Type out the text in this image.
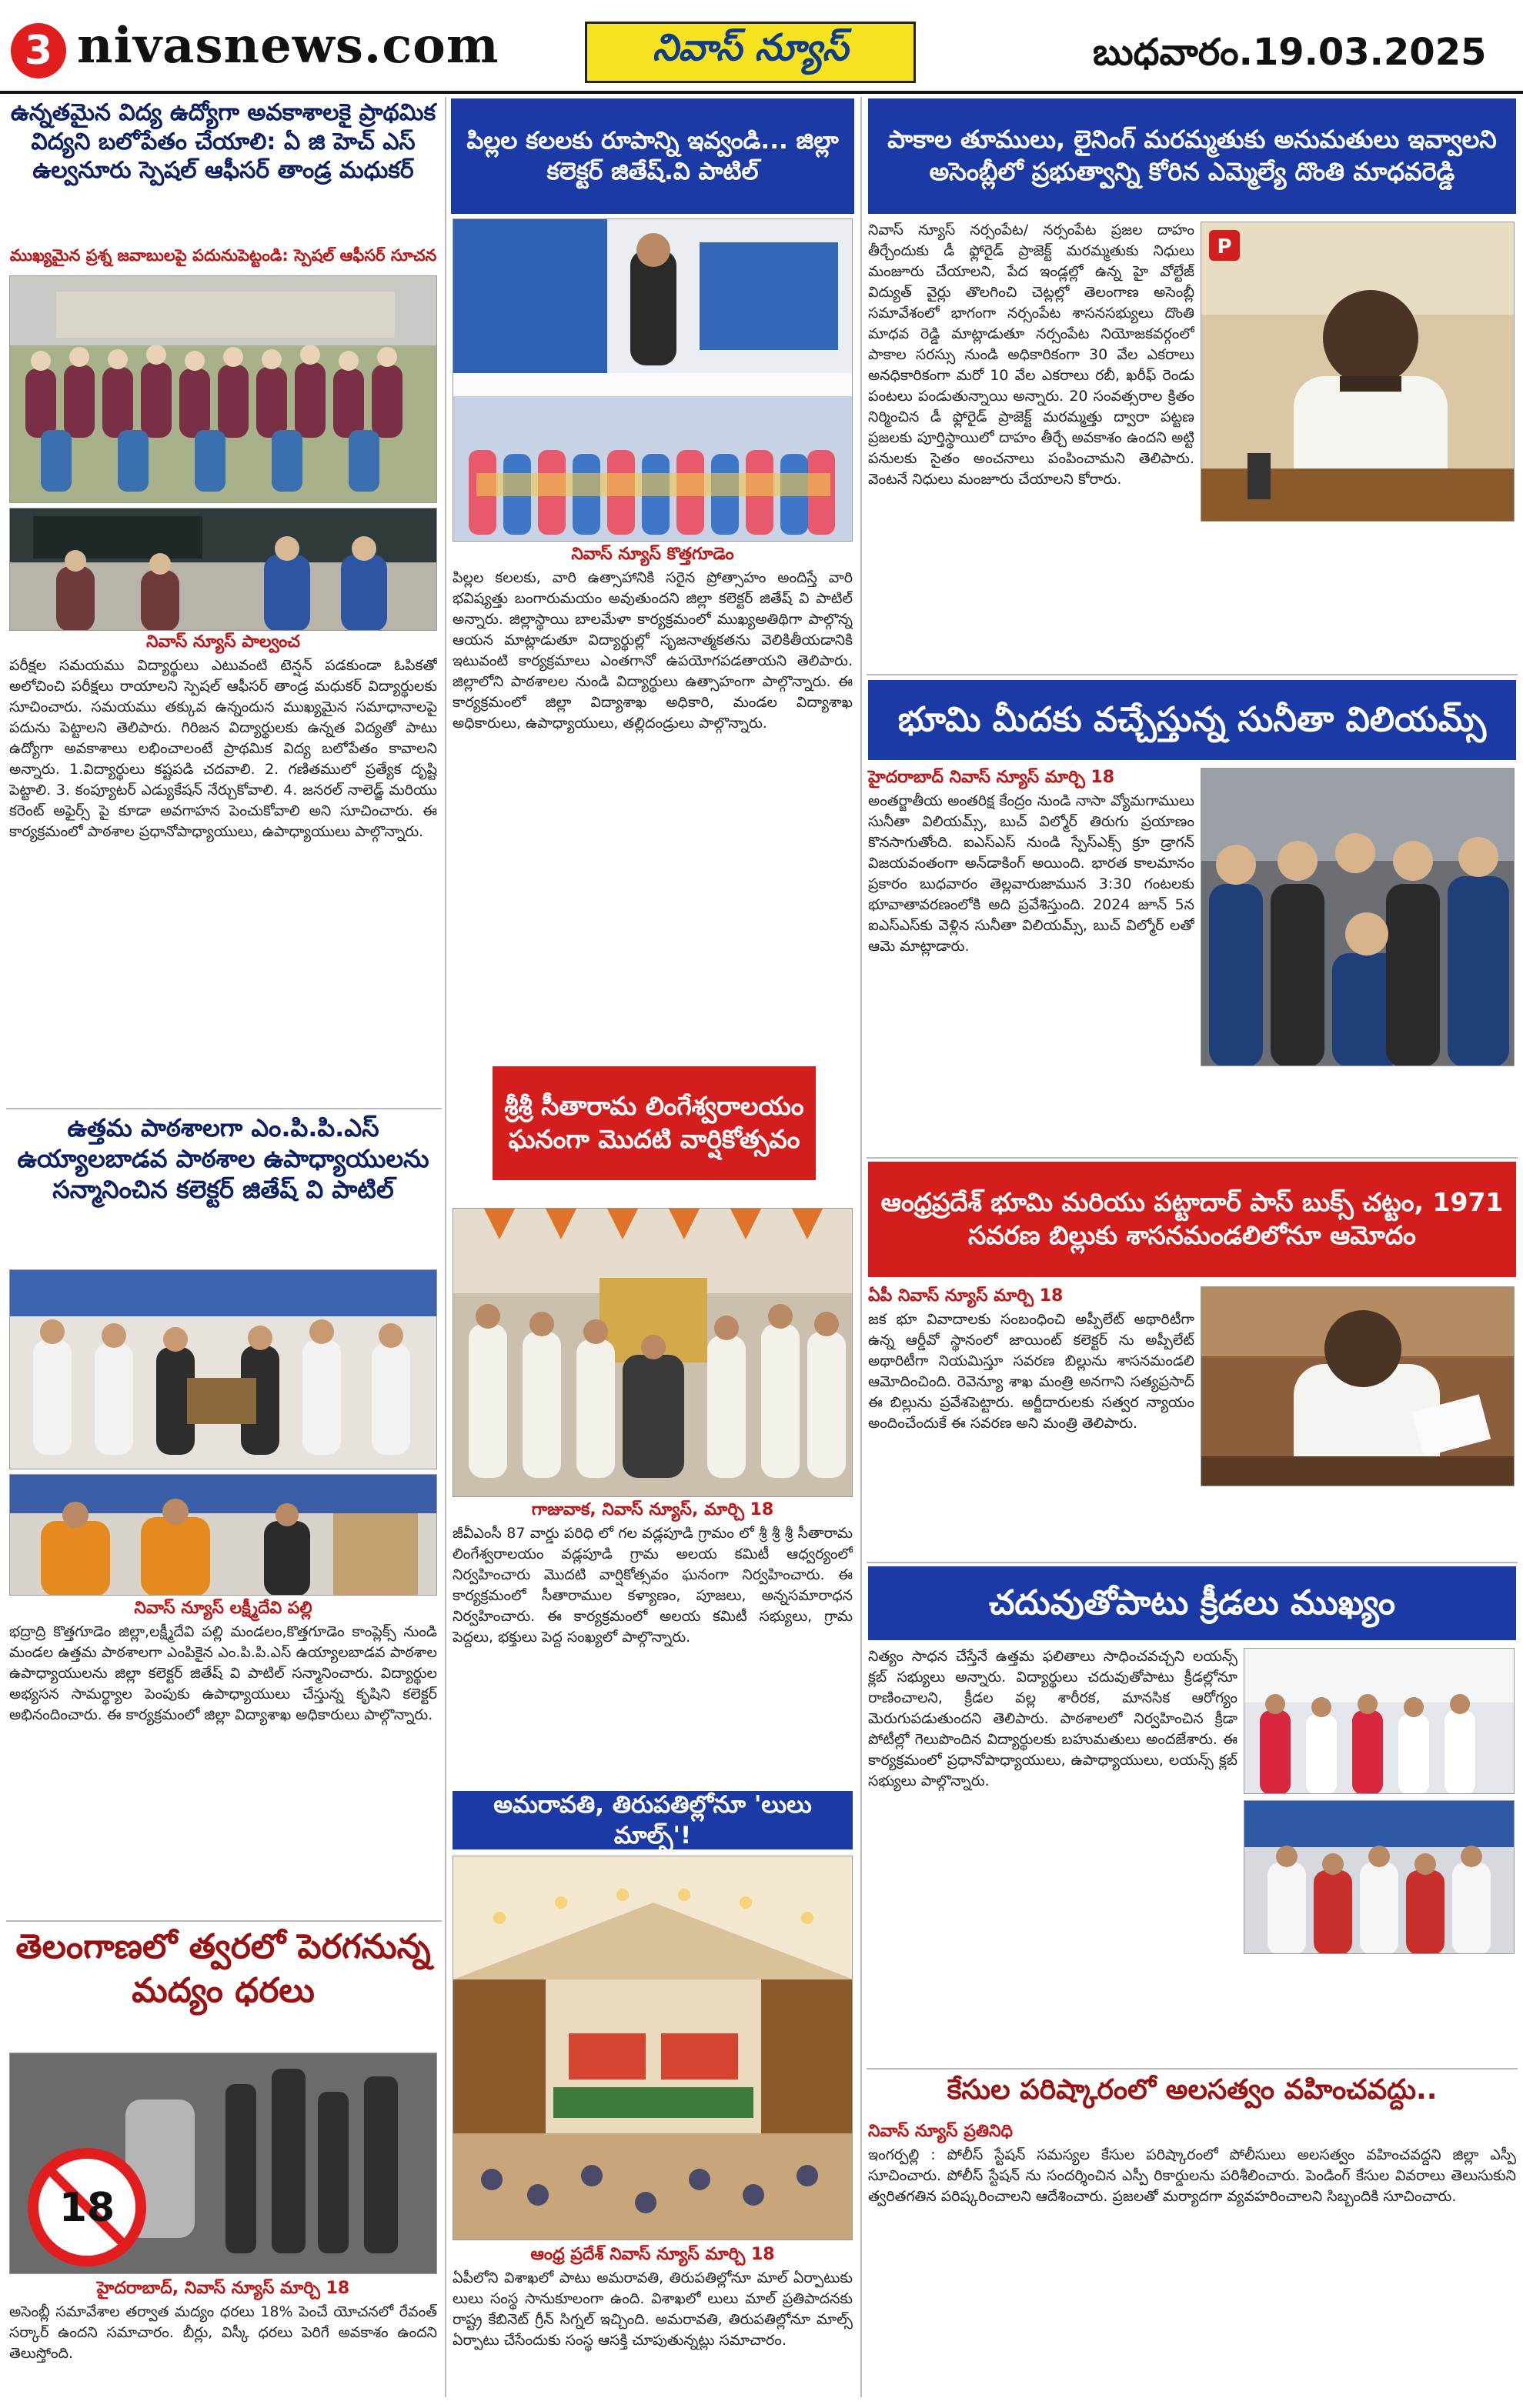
3 nivasnews.com	నివాస్ న్యూస్	బుధవారం.19.03.2025
ఉన్నతమైన విద్య ఉద్యోగా అవకాశాలకై ప్రాథమిక విద్యని బలోపేతం చేయాలి: ఏ జి హెచ్ ఎస్ ఉల్వనూరు స్పెషల్ ఆఫీసర్ తాండ్ర మధుకర్
ముఖ్యమైన ప్రశ్న జవాబులపై పదునుపెట్టండి: స్పెషల్ ఆఫీసర్ సూచన
నివాస్ న్యూస్ పాల్వంచ
పరీక్షల సమయము విద్యార్థులు ఎటువంటి టెన్షన్ పడకుండా ఓపికతో అలోచించి పరీక్షలు రాయాలని స్పెషల్ ఆఫీసర్ తాండ్ర మధుకర్ విద్యార్థులకు సూచించారు. సమయము తక్కువ ఉన్నందున ముఖ్యమైన సమాధానాలపై పదును పెట్టాలని తెలిపారు. గిరిజన విద్యార్థులకు ఉన్నత విద్యతో పాటు ఉద్యోగా అవకాశాలు లభించాలంటే ప్రాథమిక విద్య బలోపేతం కావాలని అన్నారు. 1.విద్యార్థులు కష్టపడి చదవాలి. 2. గణితములో ప్రత్యేక దృష్టి పెట్టాలి. 3. కంప్యూటర్ ఎడ్యుకేషన్ నేర్చుకోవాలి. 4. జనరల్ నాలెడ్జ్ మరియు కరెంట్ అఫైర్స్ పై కూడా అవగాహన పెంచుకోవాలి అని సూచించారు. ఈ కార్యక్రమంలో పాఠశాల ప్రధానోపాధ్యాయులు, ఉపాధ్యాయులు పాల్గొన్నారు.
ఉత్తమ పాఠశాలగా ఎం.పి.పి.ఎస్ ఉయ్యాలబాడవ పాఠశాల ఉపాధ్యాయులను సన్మానించిన కలెక్టర్ జితేష్ వి పాటిల్
నివాస్ న్యూస్ లక్ష్మీదేవి పల్లి
భద్రాద్రి కొత్తగూడెం జిల్లా,లక్ష్మీదేవి పల్లి మండలం,కొత్తగూడెం కాంప్లెక్స్ నుండి మండల ఉత్తమ పాఠశాలగా ఎంపికైన ఎం.పి.పి.ఎస్ ఉయ్యాలబాడవ పాఠశాల ఉపాధ్యాయులను జిల్లా కలెక్టర్ జితేష్ వి పాటిల్ సన్మానించారు. విద్యార్థుల అభ్యసన సామర్థ్యాల పెంపుకు ఉపాధ్యాయులు చేస్తున్న కృషిని కలెక్టర్ అభినందించారు. ఈ కార్యక్రమంలో జిల్లా విద్యాశాఖ అధికారులు పాల్గొన్నారు.
తెలంగాణలో త్వరలో పెరగనున్న మద్యం ధరలు
18
హైదరాబాద్, నివాస్ న్యూస్ మార్చి 18
అసెంబ్లీ సమావేశాల తర్వాత మద్యం ధరలు 18% పెంచే యోచనలో రేవంత్ సర్కార్ ఉందని సమాచారం. బీర్లు, విస్కీ ధరలు పెరిగే అవకాశం ఉందని తెలుస్తోంది.
పిల్లల కలలకు రూపాన్ని ఇవ్వండి... జిల్లా కలెక్టర్ జితేష్.వి పాటిల్
నివాస్ న్యూస్ కొత్తగూడెం
పిల్లల కలలకు, వారి ఉత్సాహానికి సరైన ప్రోత్సాహం అందిస్తే వారి భవిష్యత్తు బంగారుమయం అవుతుందని జిల్లా కలెక్టర్ జితేష్ వి పాటిల్ అన్నారు. జిల్లాస్థాయి బాలమేళా కార్యక్రమంలో ముఖ్యఅతిథిగా పాల్గొన్న ఆయన మాట్లాడుతూ విద్యార్థుల్లో సృజనాత్మకతను వెలికితీయడానికి ఇటువంటి కార్యక్రమాలు ఎంతగానో ఉపయోగపడతాయని తెలిపారు. జిల్లాలోని పాఠశాలల నుండి విద్యార్థులు ఉత్సాహంగా పాల్గొన్నారు. ఈ కార్యక్రమంలో జిల్లా విద్యాశాఖ అధికారి, మండల విద్యాశాఖ అధికారులు, ఉపాధ్యాయులు, తల్లిదండ్రులు పాల్గొన్నారు.
శ్రీశ్రీ సీతారామ లింగేశ్వరాలయం ఘనంగా మొదటి వార్షికోత్సవం
గాజువాక, నివాస్ న్యూస్, మార్చి 18
జీవీఎంసీ 87 వార్డు పరిధి లో గల వడ్లపూడి గ్రామం లో శ్రీ శ్రీ శ్రీ సీతారామ లింగేశ్వరాలయం వడ్లపూడి గ్రామ అలయ కమిటీ ఆధ్వర్యంలో నిర్వహించారు మొదటి వార్షికోత్సవం ఘనంగా నిర్వహించారు. ఈ కార్యక్రమంలో సీతారాముల కళ్యాణం, పూజలు, అన్నసమారాధన నిర్వహించారు. ఈ కార్యక్రమంలో అలయ కమిటీ సభ్యులు, గ్రామ పెద్దలు, భక్తులు పెద్ద సంఖ్యలో పాల్గొన్నారు.
అమరావతి, తిరుపతిల్లోనూ 'లులు మాల్స్'!
ఆంధ్ర ప్రదేశ్ నివాస్ న్యూస్ మార్చి 18
ఏపీలోని విశాఖలో పాటు అమరావతి, తిరుపతిల్లోనూ మాల్ ఏర్పాటుకు లులు సంస్థ సానుకూలంగా ఉంది. విశాఖలో లులు మాల్ ప్రతిపాదనకు రాష్ట్ర కేబినెట్ గ్రీన్ సిగ్నల్ ఇచ్చింది. అమరావతి, తిరుపతిల్లోనూ మాల్స్ ఏర్పాటు చేసేందుకు సంస్థ ఆసక్తి చూపుతున్నట్లు సమాచారం.
పాకాల తూములు, లైనింగ్ మరమ్మతుకు అనుమతులు ఇవ్వాలని అసెంబ్లీలో ప్రభుత్వాన్ని కోరిన ఎమ్మెల్యే దొంతి మాధవరెడ్డి
నివాస్ న్యూస్ నర్సంపేట/ నర్సంపేట ప్రజల దాహం తీర్చేందుకు డీ ఫ్లోరైడ్ ప్రాజెక్ట్ మరమ్మతుకు నిధులు మంజూరు చేయాలని, పేద ఇండ్లల్లో ఉన్న హై వోల్టేజ్ విద్యుత్ వైర్లు తొలగించి చెట్లల్లో తెలంగాణ అసెంబ్లీ సమావేశంలో భాగంగా నర్సంపేట శాసనసభ్యులు దొంతి మాధవ రెడ్డి మాట్లాడుతూ నర్సంపేట నియోజకవర్గంలో పాకాల సరస్సు నుండి అధికారికంగా 30 వేల ఎకరాలు అనధికారికంగా మరో 10 వేల ఎకరాలు రబీ, ఖరీఫ్ రెండు పంటలు పండుతున్నాయి అన్నారు. 20 సంవత్సరాల క్రితం నిర్మించిన డీ ఫ్లోరైడ్ ప్రాజెక్ట్ మరమ్మత్తు ద్వారా పట్టణ ప్రజలకు పూర్తిస్థాయిలో దాహం తీర్చే అవకాశం ఉందని అట్టి పనులకు సైతం అంచనాలు పంపించామని తెలిపారు. వెంటనే నిధులు మంజూరు చేయాలని కోరారు.
P
భూమి మీదకు వచ్చేస్తున్న సునీతా విలియమ్స్
హైదరాబాద్ నివాస్ న్యూస్ మార్చి 18
అంతర్జాతీయ అంతరిక్ష కేంద్రం నుండి నాసా వ్యోమగాములు సునీతా విలియమ్స్, బుచ్ విల్మోర్ తిరుగు ప్రయాణం కొనసాగుతోంది. ఐఎస్ఎస్ నుండి స్పేస్‌ఎక్స్ క్రూ డ్రాగన్ విజయవంతంగా అన్‌డాకింగ్ అయింది. భారత కాలమానం ప్రకారం బుధవారం తెల్లవారుజామున 3:30 గంటలకు భూవాతావరణంలోకి అది ప్రవేశిస్తుంది. 2024 జూన్ 5న ఐఎస్ఎస్‌కు వెళ్లిన సునీతా విలియమ్స్, బుచ్ విల్మోర్ లతో ఆమె మాట్లాడారు.
ఆంధ్రప్రదేశ్ భూమి మరియు పట్టాదార్ పాస్ బుక్స్ చట్టం, 1971 సవరణ బిల్లుకు శాసనమండలిలోనూ ఆమోదం
ఏపీ నివాస్ న్యూస్ మార్చి 18
జక భూ వివాదాలకు సంబంధించి అప్పీలేట్ అథారిటీగా ఉన్న ఆర్డీవో స్థానంలో జాయింట్ కలెక్టర్ ను అప్పీలేట్ అథారిటీగా నియమిస్తూ సవరణ బిల్లును శాసనమండలి ఆమోదించింది. రెవెన్యూ శాఖ మంత్రి అనగాని సత్యప్రసాద్ ఈ బిల్లును ప్రవేశపెట్టారు. అర్జీదారులకు సత్వర న్యాయం అందించేందుకే ఈ సవరణ అని మంత్రి తెలిపారు.
చదువుతోపాటు క్రీడలు ముఖ్యం
నిత్యం సాధన చేస్తేనే ఉత్తమ ఫలితాలు సాధించవచ్చని లయన్స్ క్లబ్ సభ్యులు అన్నారు. విద్యార్థులు చదువుతోపాటు క్రీడల్లోనూ రాణించాలని, క్రీడల వల్ల శారీరక, మానసిక ఆరోగ్యం మెరుగుపడుతుందని తెలిపారు. పాఠశాలలో నిర్వహించిన క్రీడా పోటీల్లో గెలుపొందిన విద్యార్థులకు బహుమతులు అందజేశారు. ఈ కార్యక్రమంలో ప్రధానోపాధ్యాయులు, ఉపాధ్యాయులు, లయన్స్ క్లబ్ సభ్యులు పాల్గొన్నారు.
కేసుల పరిష్కారంలో అలసత్వం వహించవద్దు..
నివాస్ న్యూస్ ప్రతినిధి
ఇంగర్పల్లి : పోలీస్ స్టేషన్ సమస్యల కేసుల పరిష్కారంలో పోలీసులు అలసత్వం వహించవద్దని జిల్లా ఎస్పీ సూచించారు. పోలీస్ స్టేషన్ ను సందర్శించిన ఎస్పీ రికార్డులను పరిశీలించారు. పెండింగ్ కేసుల వివరాలు తెలుసుకుని త్వరితగతిన పరిష్కరించాలని ఆదేశించారు. ప్రజలతో మర్యాదగా వ్యవహరించాలని సిబ్బందికి సూచించారు.
